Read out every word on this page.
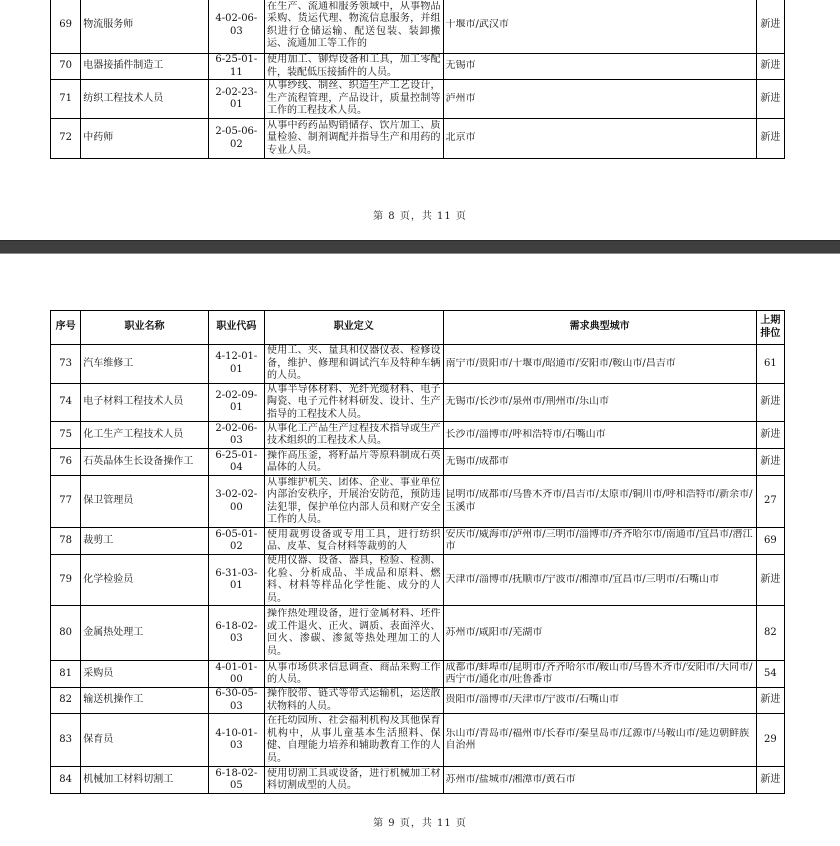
69	物流服务师	4-02-06-03	在生产、流通和服务领域中，从事物品采购、货运代理、物流信息服务，并组织进行仓储运输、配送包装、装卸搬运、流通加工等工作的	十堰市/武汉市	新进
70	电器接插件制造工	6-25-01-11	使用加工、铆焊设备和工具，加工零配件，装配低压接插件的人员。	无锡市	新进
71	纺织工程技术人员	2-02-23-01	从事纱线、制丝、织造生产工艺设计，生产流程管理，产品设计，质量控制等工作的工程技术人员。	泸州市	新进
72	中药师	2-05-06-02	从事中药药品购销储存、饮片加工、质量检验、制剂调配并指导生产和用药的专业人员。	北京市	新进
第 8 页，共 11 页
序号	职业名称	职业代码	职业定义	需求典型城市	上期排位
73	汽车维修工	4-12-01-01	使用工、夹、量具和仪器仪表、检修设备，维护、修理和调试汽车及特种车辆的人员。	南宁市/贵阳市/十堰市/昭通市/安阳市/鞍山市/昌吉市	61
74	电子材料工程技术人员	2-02-09-01	从事半导体材料、光纤光缆材料、电子陶瓷、电子元件材料研发、设计、生产指导的工程技术人员。	无锡市/长沙市/泉州市/荆州市/乐山市	新进
75	化工生产工程技术人员	2-02-06-03	从事化工产品生产过程技术指导或生产技术组织的工程技术人员。	长沙市/淄博市/呼和浩特市/石嘴山市	新进
76	石英晶体生长设备操作工	6-25-01-04	操作高压釜，将籽晶片等原料制成石英晶体的人员。	无锡市/成都市	新进
77	保卫管理员	3-02-02-00	从事维护机关、团体、企业、事业单位内部治安秩序，开展治安防范，预防违法犯罪，保护单位内部人员和财产安全工作的人员。	昆明市/成都市/乌鲁木齐市/昌吉市/太原市/铜川市/呼和浩特市/新余市/玉溪市	27
78	裁剪工	6-05-01-02	使用裁剪设备或专用工具，进行纺织品、皮革、复合材料等裁剪的人	安庆市/威海市/泸州市/三明市/淄博市/齐齐哈尔市/南通市/宜昌市/潜江市	69
79	化学检验员	6-31-03-01	使用仪器、设备、器具，检验、检测、化验、分析成品、半成品和原料、燃料、材料等样品化学性能、成分的人员。	天津市/淄博市/抚顺市/宁波市/湘潭市/宜昌市/三明市/石嘴山市	新进
80	金属热处理工	6-18-02-03	操作热处理设备，进行金属材料、坯件或工件退火、正火、调质、表面淬火、回火、渗碳、渗氮等热处理加工的人员。	苏州市/咸阳市/芜湖市	82
81	采购员	4-01-01-00	从事市场供求信息调查、商品采购工作的人员。	成都市/蚌埠市/昆明市/齐齐哈尔市/鞍山市/乌鲁木齐市/安阳市/大同市/西宁市/通化市/吐鲁番市	54
82	输送机操作工	6-30-05-03	操作胶带、链式等带式运输机，运送散状物料的人员。	贵阳市/淄博市/天津市/宁波市/石嘴山市	新进
83	保育员	4-10-01-03	在托幼园所、社会福利机构及其他保育机构中，从事儿童基本生活照料、保健、自理能力培养和辅助教育工作的人员。	乐山市/青岛市/福州市/长春市/秦皇岛市/辽源市/马鞍山市/延边朝鲜族自治州	29
84	机械加工材料切割工	6-18-02-05	使用切割工具或设备，进行机械加工材料切割成型的人员。	苏州市/盐城市/湘潭市/黄石市	新进
第 9 页，共 11 页
